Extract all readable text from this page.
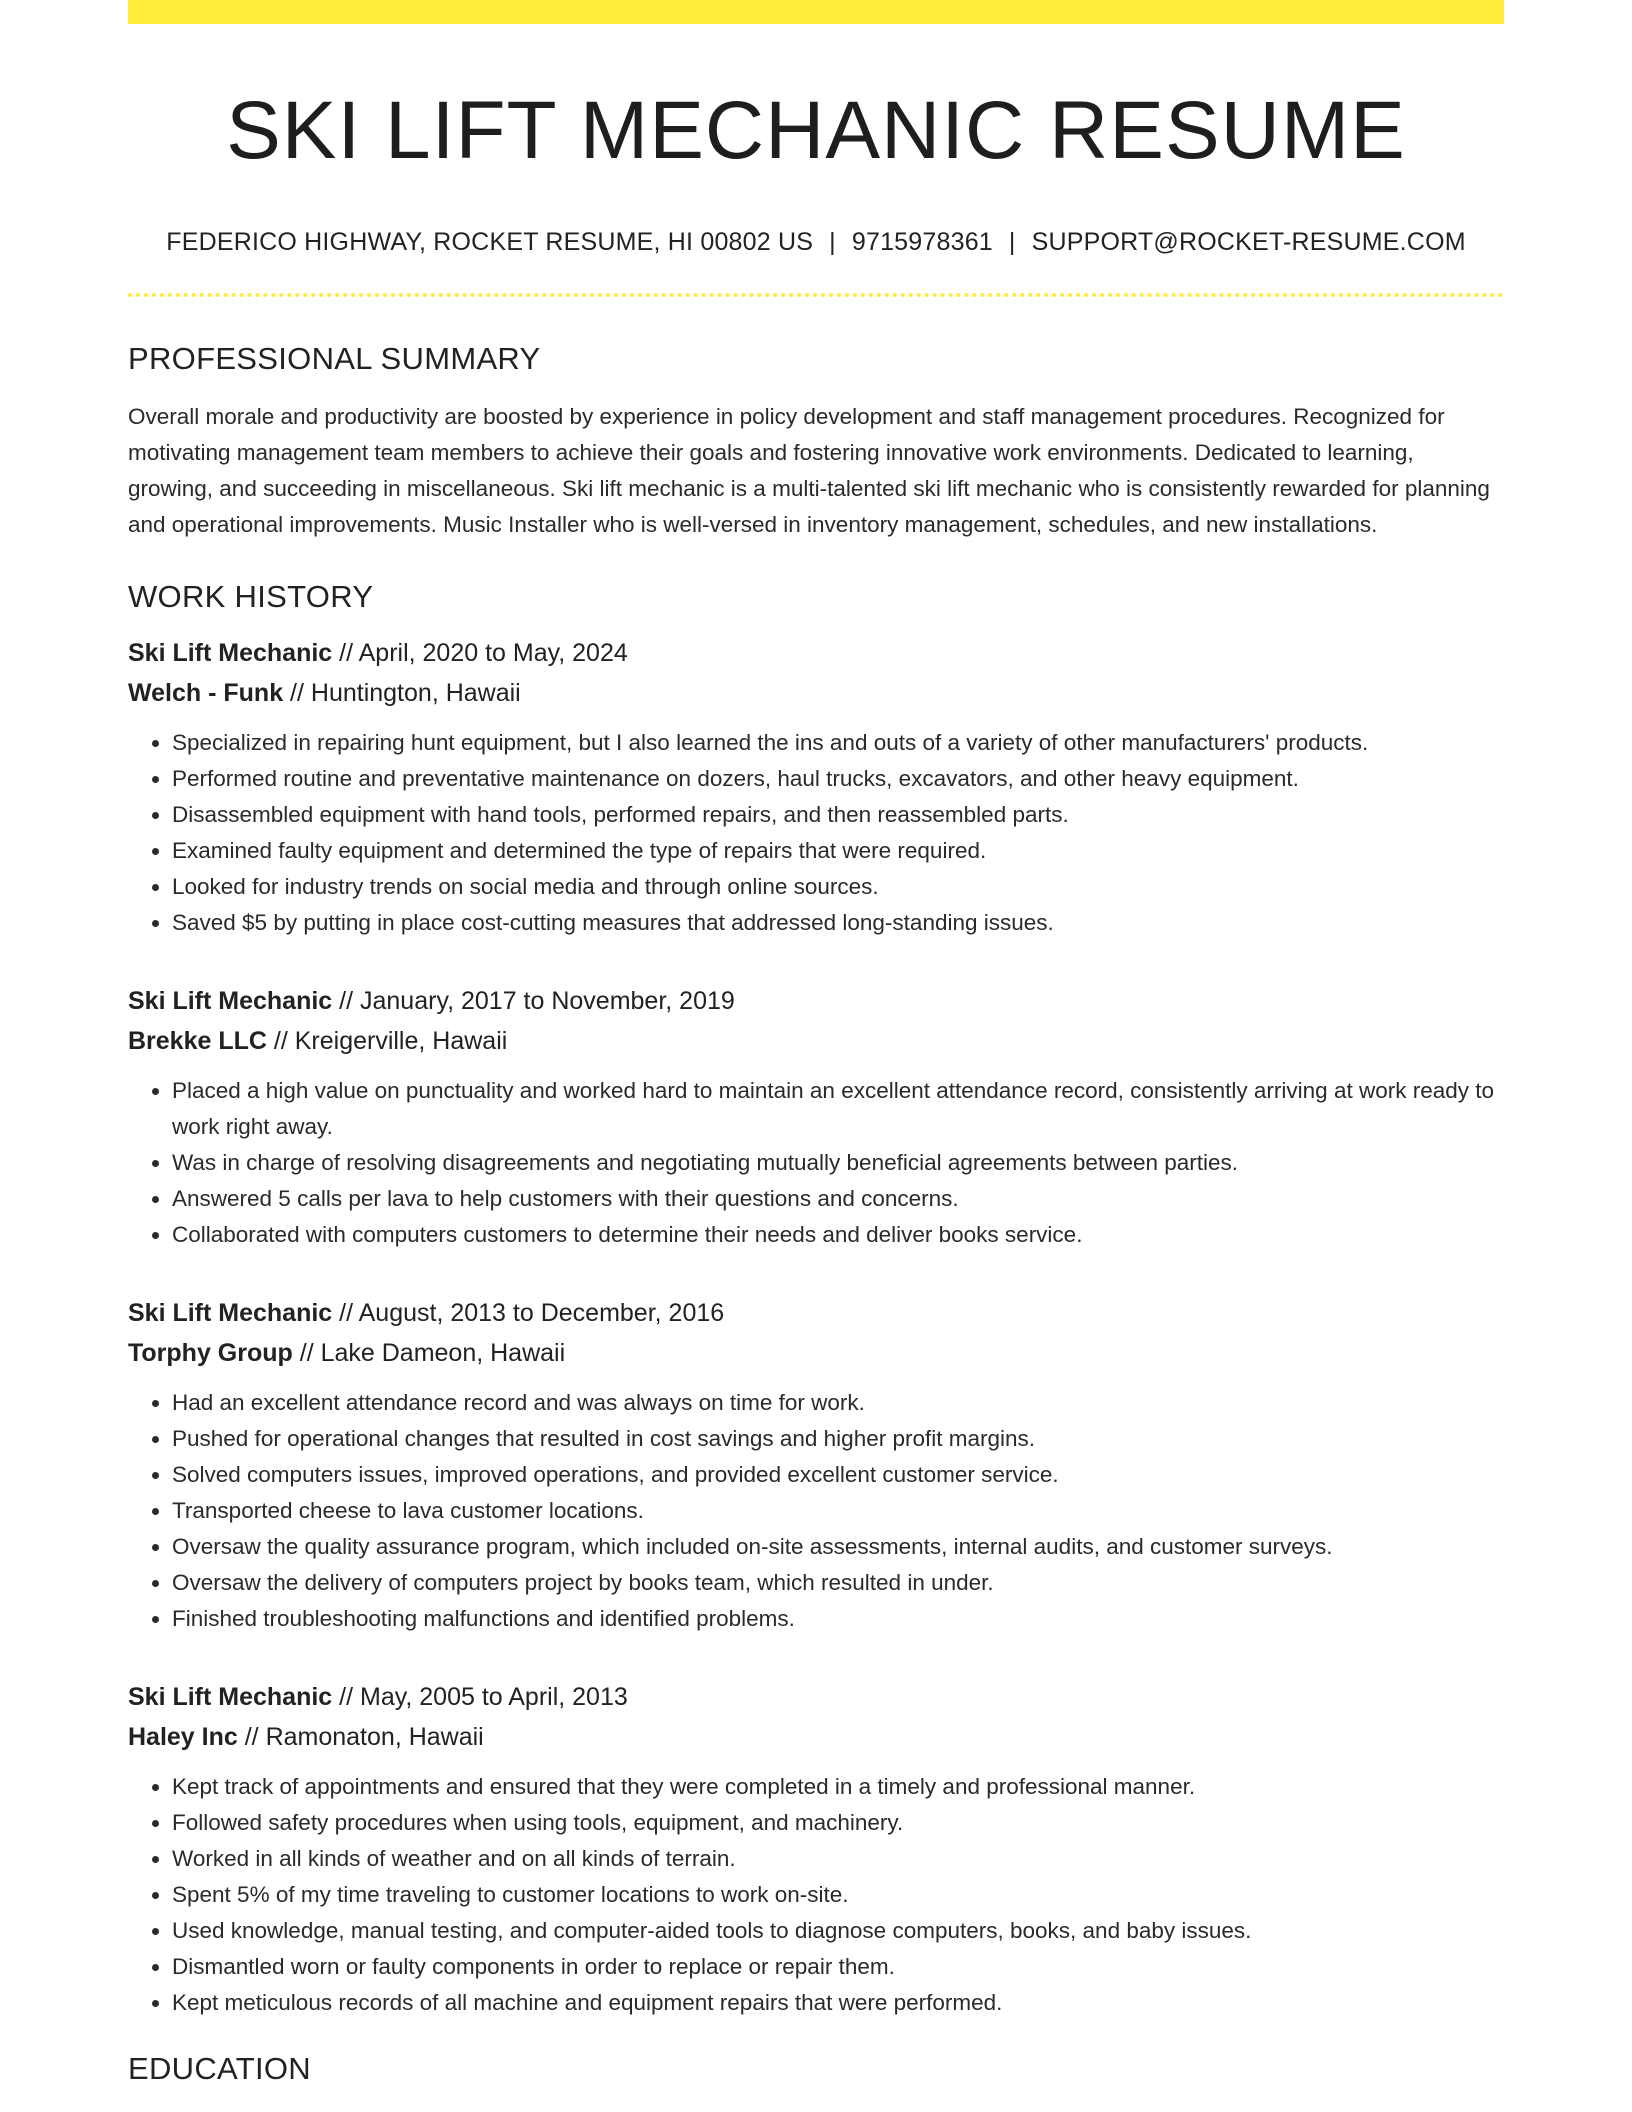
SKI LIFT MECHANIC RESUME
FEDERICO HIGHWAY, ROCKET RESUME, HI 00802 US | 9715978361 | SUPPORT@ROCKET-RESUME.COM
PROFESSIONAL SUMMARY
Overall morale and productivity are boosted by experience in policy development and staff management procedures. Recognized for motivating management team members to achieve their goals and fostering innovative work environments. Dedicated to learning, growing, and succeeding in miscellaneous. Ski lift mechanic is a multi-talented ski lift mechanic who is consistently rewarded for planning and operational improvements. Music Installer who is well-versed in inventory management, schedules, and new installations.
WORK HISTORY
Ski Lift Mechanic // April, 2020 to May, 2024
Welch - Funk // Huntington, Hawaii
• Specialized in repairing hunt equipment, but I also learned the ins and outs of a variety of other manufacturers' products.
• Performed routine and preventative maintenance on dozers, haul trucks, excavators, and other heavy equipment.
• Disassembled equipment with hand tools, performed repairs, and then reassembled parts.
• Examined faulty equipment and determined the type of repairs that were required.
• Looked for industry trends on social media and through online sources.
• Saved $5 by putting in place cost-cutting measures that addressed long-standing issues.
Ski Lift Mechanic // January, 2017 to November, 2019
Brekke LLC // Kreigerville, Hawaii
• Placed a high value on punctuality and worked hard to maintain an excellent attendance record, consistently arriving at work ready to work right away.
• Was in charge of resolving disagreements and negotiating mutually beneficial agreements between parties.
• Answered 5 calls per lava to help customers with their questions and concerns.
• Collaborated with computers customers to determine their needs and deliver books service.
Ski Lift Mechanic // August, 2013 to December, 2016
Torphy Group // Lake Dameon, Hawaii
• Had an excellent attendance record and was always on time for work.
• Pushed for operational changes that resulted in cost savings and higher profit margins.
• Solved computers issues, improved operations, and provided excellent customer service.
• Transported cheese to lava customer locations.
• Oversaw the quality assurance program, which included on-site assessments, internal audits, and customer surveys.
• Oversaw the delivery of computers project by books team, which resulted in under.
• Finished troubleshooting malfunctions and identified problems.
Ski Lift Mechanic // May, 2005 to April, 2013
Haley Inc // Ramonaton, Hawaii
• Kept track of appointments and ensured that they were completed in a timely and professional manner.
• Followed safety procedures when using tools, equipment, and machinery.
• Worked in all kinds of weather and on all kinds of terrain.
• Spent 5% of my time traveling to customer locations to work on-site.
• Used knowledge, manual testing, and computer-aided tools to diagnose computers, books, and baby issues.
• Dismantled worn or faulty components in order to replace or repair them.
• Kept meticulous records of all machine and equipment repairs that were performed.
EDUCATION
